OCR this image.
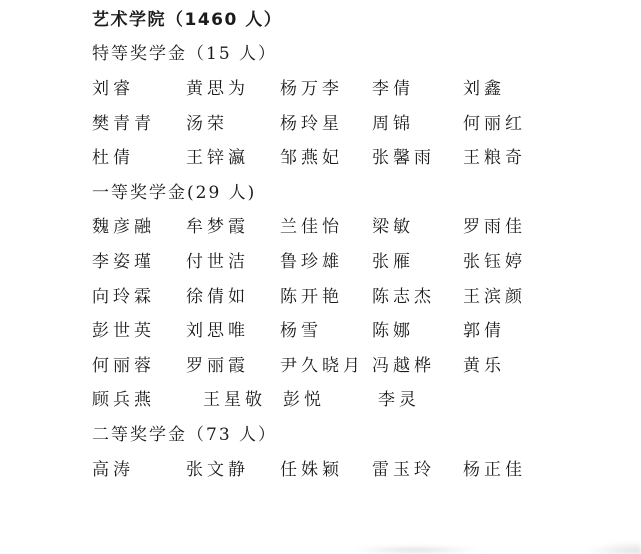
艺术学院（1460 人）
特等奖学金（15 人）
刘睿	黄思为	杨万李	李倩	刘鑫
樊青青	汤荣	杨玲星	周锦	何丽红
杜倩	王锌瀛	邹燕妃	张馨雨	王粮奇
一等奖学金(29 人)
魏彦融	牟梦霞	兰佳怡	梁敏	罗雨佳
李姿瑾	付世洁	鲁珍雄	张雁	张钰婷
向玲霖	徐倩如	陈开艳	陈志杰	王滨颜
彭世英	刘思唯	杨雪	陈娜	郭倩
何丽蓉	罗丽霞	尹久晓月 冯越桦	黄乐
顾兵燕	王星敬	彭悦	李灵
二等奖学金（73 人）
高涛	张文静	任姝颖	雷玉玲	杨正佳
